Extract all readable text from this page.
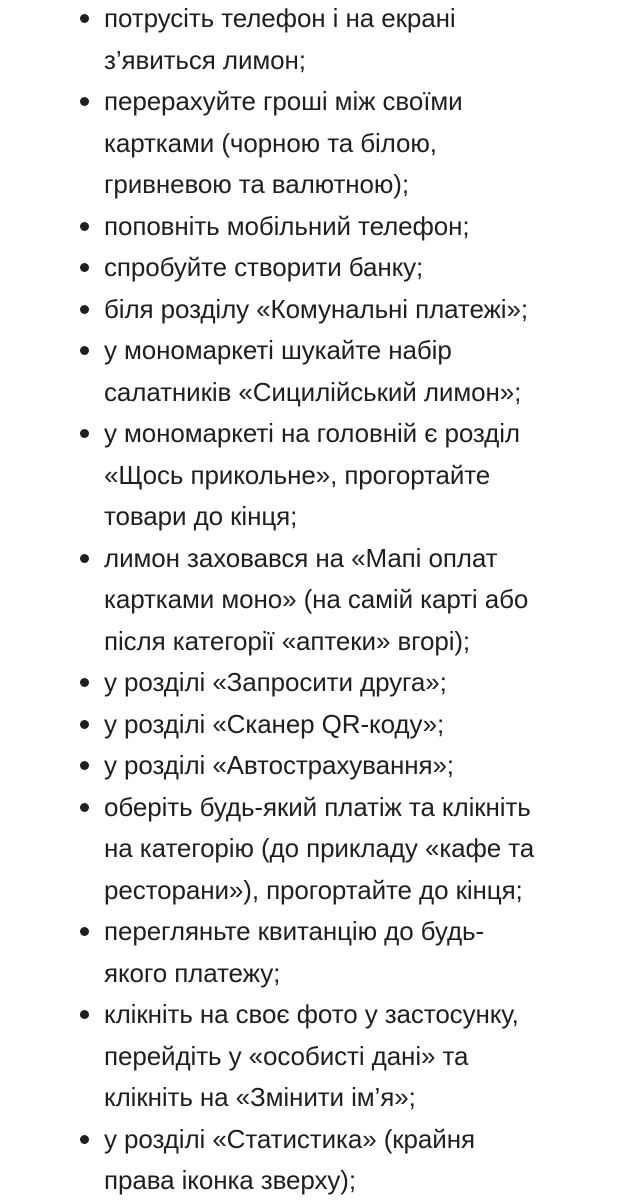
потрусіть телефон і на екрані
з’явиться лимон;
перерахуйте гроші між своїми
картками (чорною та білою,
гривневою та валютною);
поповніть мобільний телефон;
спробуйте створити банку;
біля розділу «Комунальні платежі»;
у мономаркеті шукайте набір
салатників «Сицилійський лимон»;
у мономаркеті на головній є розділ
«Щось прикольне», прогортайте
товари до кінця;
лимон заховався на «Мапі оплат
картками моно» (на самій карті або
після категорії «аптеки» вгорі);
у розділі «Запросити друга»;
у розділі «Сканер QR-коду»;
у розділі «Автострахування»;
оберіть будь-який платіж та клікніть
на категорію (до прикладу «кафе та
ресторани»), прогортайте до кінця;
перегляньте квитанцію до будь-
якого платежу;
клікніть на своє фото у застосунку,
перейдіть у «особисті дані» та
клікніть на «Змінити ім’я»;
у розділі «Статистика» (крайня
права іконка зверху);
